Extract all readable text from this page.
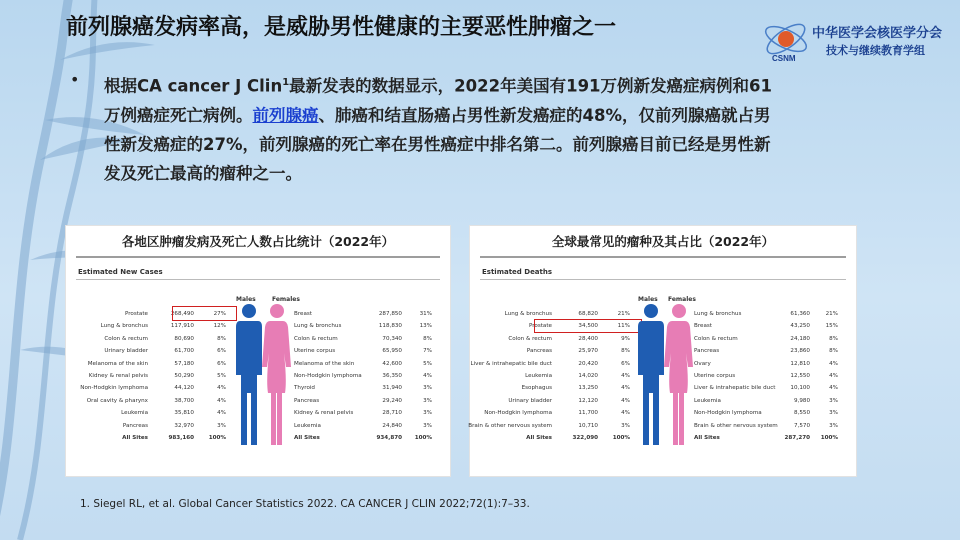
前列腺癌发病率高，是威胁男性健康的主要恶性肿瘤之一
CSNM
中华医学会核医学分会
技术与继续教育学组
• 根据CA cancer J Clin$^1$最新发表的数据显示，2022年美国有191万例新发癌症病例和61万例癌症死亡病例。前列腺癌、肺癌和结直肠癌占男性新发癌症的48%，仅前列腺癌就占男性新发癌症的27%，前列腺癌的死亡率在男性癌症中排名第二。前列腺癌目前已经是男性新发及死亡最高的瘤种之一。
各地区肿瘤发病及死亡人数占比统计（2022年）
Estimated New Cases
Males	Females
Prostate	268,490	27%
Lung & bronchus	117,910	12%
Colon & rectum	80,690	8%
Urinary bladder	61,700	6%
Melanoma of the skin	57,180	6%
Kidney & renal pelvis	50,290	5%
Non-Hodgkin lymphoma	44,120	4%
Oral cavity & pharynx	38,700	4%
Leukemia	35,810	4%
Pancreas	32,970	3%
All Sites	983,160	100%
Breast	287,850	31%
Lung & bronchus	118,830	13%
Colon & rectum	70,340	8%
Uterine corpus	65,950	7%
Melanoma of the skin	42,600	5%
Non-Hodgkin lymphoma	36,350	4%
Thyroid	31,940	3%
Pancreas	29,240	3%
Kidney & renal pelvis	28,710	3%
Leukemia	24,840	3%
All Sites	934,870 100%
全球最常见的瘤种及其占比（2022年）
Estimated Deaths
Males Females
Lung & bronchus	68,820	21%
Prostate	34,500	11%
Colon & rectum	28,400	9%
Pancreas	25,970	8%
Liver & intrahepatic bile duct	20,420	6%
Leukemia	14,020	4%
Esophagus	13,250	4%
Urinary bladder	12,120	4%
Non-Hodgkin lymphoma	11,700	4%
Brain & other nervous system	10,710	3%
All Sites	322,090	100%
Lung & bronchus	61,360	21%
Breast	43,250	15%
Colon & rectum	24,180	8%
Pancreas	23,860	8%
Ovary	12,810	4%
Uterine corpus	12,550	4%
Liver & intrahepatic bile duct	10,100	4%
Leukemia	9,980	3%
Non-Hodgkin lymphoma	8,550	3%
Brain & other nervous system	7,570	3%
All Sites	287,270 100%
1. Siegel RL, et al. Global Cancer Statistics 2022. CA CANCER J CLIN 2022;72(1):7–33.
